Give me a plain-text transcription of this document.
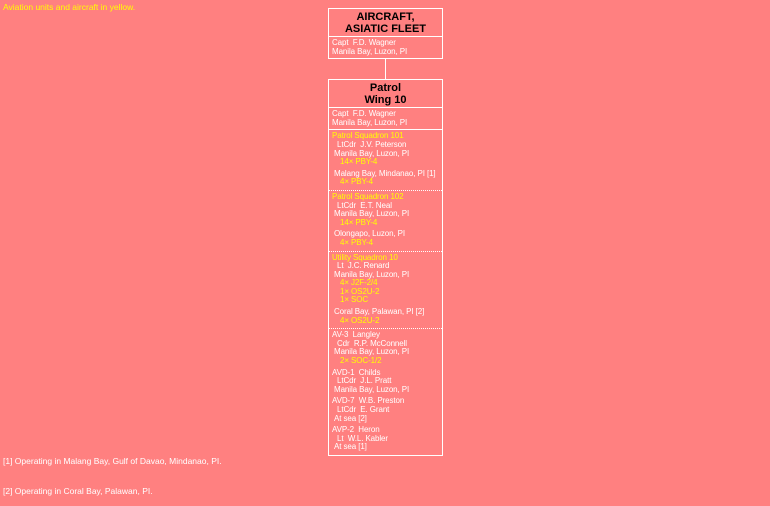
Aviation units and aircraft in yellow.
AIRCRAFT,
ASIATIC FLEET
Capt  F.D. Wagner
Manila Bay, Luzon, PI
Patrol
Wing 10
Capt  F.D. Wagner
Manila Bay, Luzon, PI
Patrol Squadron 101
LtCdr  J.V. Peterson
Manila Bay, Luzon, PI
14× PBY-4
Malang Bay, Mindanao, PI [1]
4× PBY-4
Patrol Squadron 102
LtCdr  E.T. Neal
Manila Bay, Luzon, PI
14× PBY-4
Olongapo, Luzon, PI
4× PBY-4
Utility Squadron 10
Lt  J.C. Renard
Manila Bay, Luzon, PI
4× J2F-2/4
1× OS2U-2
1× SOC
Coral Bay, Palawan, PI [2]
4× OS2U-2
AV-3  Langley
Cdr  R.P. McConnell
Manila Bay, Luzon, PI
2× SOC-1/2
AVD-1  Childs
LtCdr  J.L. Pratt
Manila Bay, Luzon, PI
AVD-7  W.B. Preston
LtCdr  E. Grant
At sea [2]
AVP-2  Heron
Lt  W.L. Kabler
At sea [1]

[1] Operating in Malang Bay, Gulf of Davao, Mindanao, PI.

[2] Operating in Coral Bay, Palawan, PI.
